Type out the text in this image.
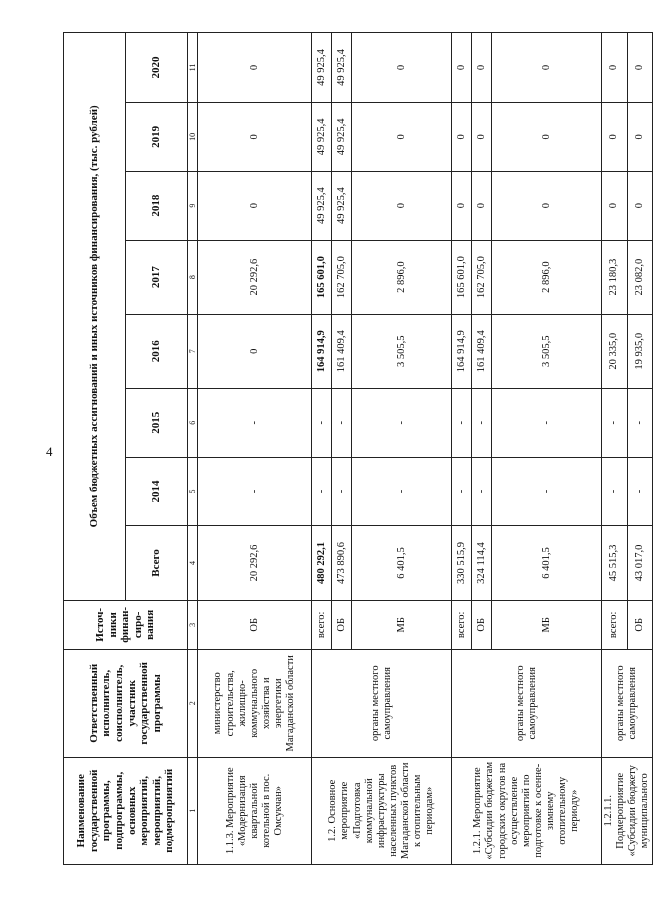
4
Наименование государственной программы, подпрограммы, основных мероприятий, мероприятий, подмероприятий	Ответственный исполнитель, соисполнитель, участник государственной программы	Источ-ники финан-сиро-вания	Объем бюджетных ассигнований и иных источников финансирования, (тыс. рублей)							
			Всего	2014	2015	2016	2017	2018	2019	2020
1	2	3	4	5	6	7	8	9	10	11
1.1.3. Мероприятие «Модернизация квартальной котельной в пос. Омсукчан»	министерство строительства, жилищно-коммунального хозяйства и энергетики Магаданской области	ОБ	20 292,6	-	-	0	20 292,6	0	0	0
1.2. Основное мероприятие «Подготовка коммунальной инфраструктуры населенных пунктов Магаданской области к отопительным периодам»	органы местного самоуправления	всего:	480 292,1	-	-	164 914,9	165 601,0	49 925,4	49 925,4	49 925,4
		ОБ	473 890,6	-	-	161 409,4	162 705,0	49 925,4	49 925,4	49 925,4
		МБ	6 401,5	-	-	3 505,5	2 896,0	0	0	0
1.2.1. Мероприятие «Субсидии бюджетам городских округов на осуществление мероприятий по подготовке к осенне-зимнему отопительному периоду»	органы местного самоуправления	всего:	330 515,9	-	-	164 914,9	165 601,0	0	0	0
		ОБ	324 114,4	-	-	161 409,4	162 705,0	0	0	0
		МБ	6 401,5	-	-	3 505,5	2 896,0	0	0	0
1.2.1.1. Подмероприятие «Субсидии бюджету муниципального	органы местного самоуправления	всего:	45 515,3	-	-	20 335,0	23 180,3	0	0	0
		ОБ	43 017,0	-	-	19 935,0	23 082,0	0	0	0
